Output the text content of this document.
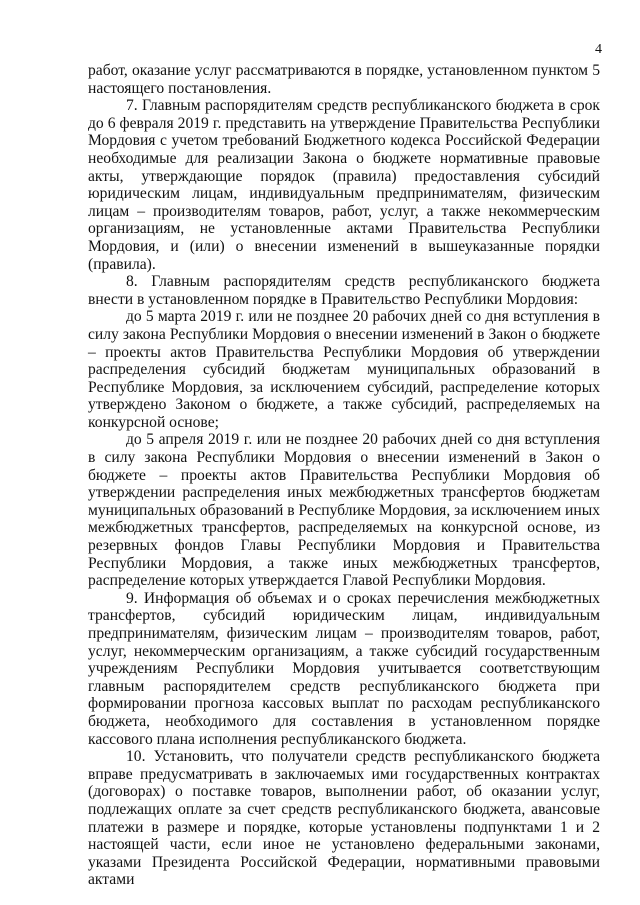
4

работ, оказание услуг рассматриваются в порядке, установленном пунктом 5 настоящего постановления.

7. Главным распорядителям средств республиканского бюджета в срок до 6 февраля 2019 г. представить на утверждение Правительства Республики Мордовия с учетом требований Бюджетного кодекса Российской Федерации необходимые для реализации Закона о бюджете нормативные правовые акты, утверждающие порядок (правила) предоставления субсидий юридическим лицам, индивидуальным предпринимателям, физическим лицам – производителям товаров, работ, услуг, а также некоммерческим организациям, не установленные актами Правительства Республики Мордовия, и (или) о внесении изменений в вышеуказанные порядки (правила).

8. Главным распорядителям средств республиканского бюджета внести в установленном порядке в Правительство Республики Мордовия:

до 5 марта 2019 г. или не позднее 20 рабочих дней со дня вступления в силу закона Республики Мордовия о внесении изменений в Закон о бюджете – проекты актов Правительства Республики Мордовия об утверждении распределения субсидий бюджетам муниципальных образований в Республике Мордовия, за исключением субсидий, распределение которых утверждено Законом о бюджете, а также субсидий, распределяемых на конкурсной основе;

до 5 апреля 2019 г. или не позднее 20 рабочих дней со дня вступления в силу закона Республики Мордовия о внесении изменений в Закон о бюджете – проекты актов Правительства Республики Мордовия об утверждении распределения иных межбюджетных трансфертов бюджетам муниципальных образований в Республике Мордовия, за исключением иных межбюджетных трансфертов, распределяемых на конкурсной основе, из резервных фондов Главы Республики Мордовия и Правительства Республики Мордовия, а также иных межбюджетных трансфертов, распределение которых утверждается Главой Республики Мордовия.

9. Информация об объемах и о сроках перечисления межбюджетных трансфертов, субсидий юридическим лицам, индивидуальным предпринимателям, физическим лицам – производителям товаров, работ, услуг, некоммерческим организациям, а также субсидий государственным учреждениям Республики Мордовия учитывается соответствующим главным распорядителем средств республиканского бюджета при формировании прогноза кассовых выплат по расходам республиканского бюджета, необходимого для составления в установленном порядке кассового плана исполнения республиканского бюджета.

10. Установить, что получатели средств республиканского бюджета вправе предусматривать в заключаемых ими государственных контрактах (договорах) о поставке товаров, выполнении работ, об оказании услуг, подлежащих оплате за счет средств республиканского бюджета, авансовые платежи в размере и порядке, которые установлены подпунктами 1 и 2 настоящей части, если иное не установлено федеральными законами, указами Президента Российской Федерации, нормативными правовыми актами
